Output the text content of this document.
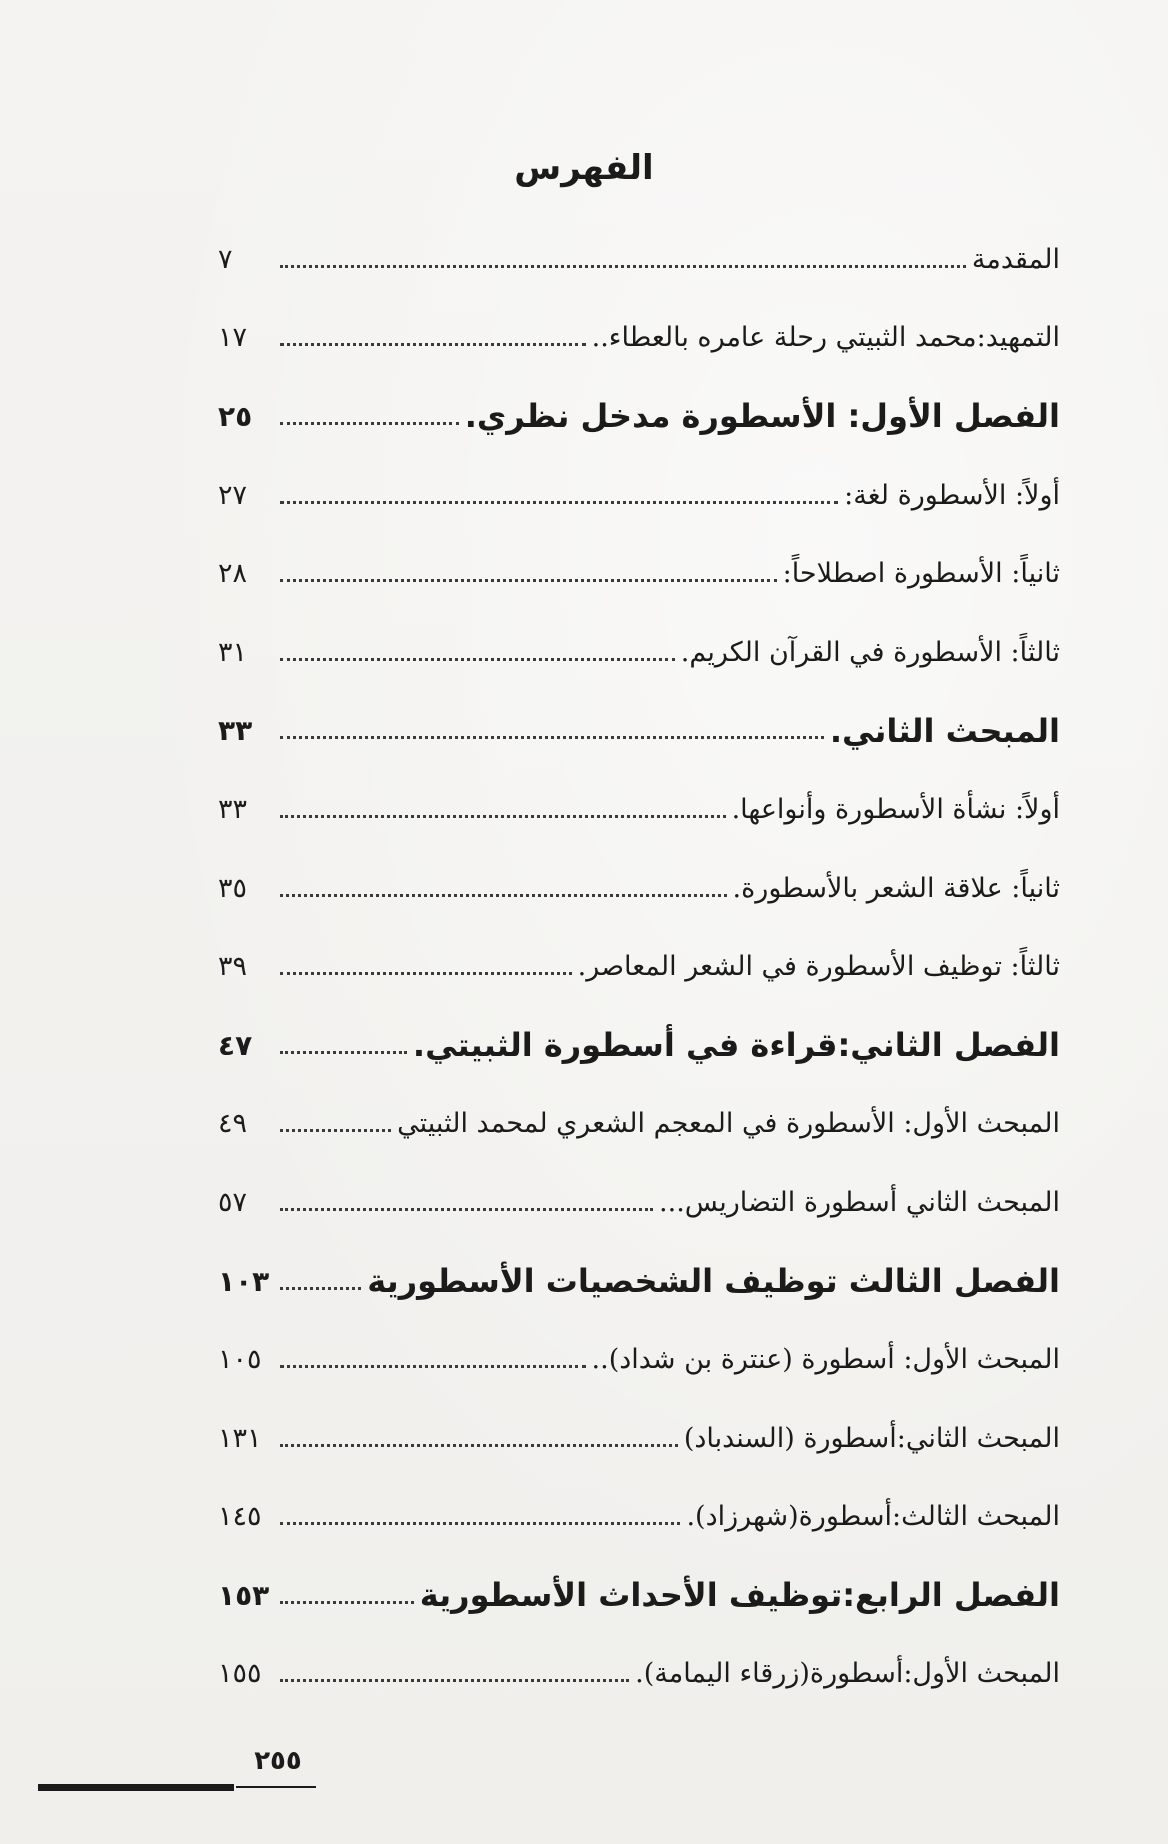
الفهرس
المقدمة
٧
التمهيد:محمد الثبيتي رحلة عامره بالعطاء..
١٧
الفصل الأول: الأسطورة مدخل نظري.
٢٥
أولاً: الأسطورة لغة:
٢٧
ثانياً: الأسطورة اصطلاحاً:
٢٨
ثالثاً: الأسطورة في القرآن الكريم.
٣١
المبحث الثاني.
٣٣
أولاً: نشأة الأسطورة وأنواعها.
٣٣
ثانياً: علاقة الشعر بالأسطورة.
٣٥
ثالثاً: توظيف الأسطورة في الشعر المعاصر.
٣٩
الفصل الثاني:قراءة في أسطورة الثبيتي.
٤٧
المبحث الأول: الأسطورة في المعجم الشعري لمحمد الثبيتي
٤٩
المبحث الثاني أسطورة التضاريس...
٥٧
الفصل الثالث توظيف الشخصيات الأسطورية
١٠٣
المبحث الأول: أسطورة (عنترة بن شداد)..
١٠٥
المبحث الثاني:أسطورة (السندباد)
١٣١
المبحث الثالث:أسطورة(شهرزاد).
١٤٥
الفصل الرابع:توظيف الأحداث الأسطورية
١٥٣
المبحث الأول:أسطورة(زرقاء اليمامة).
١٥٥
٢٥٥
